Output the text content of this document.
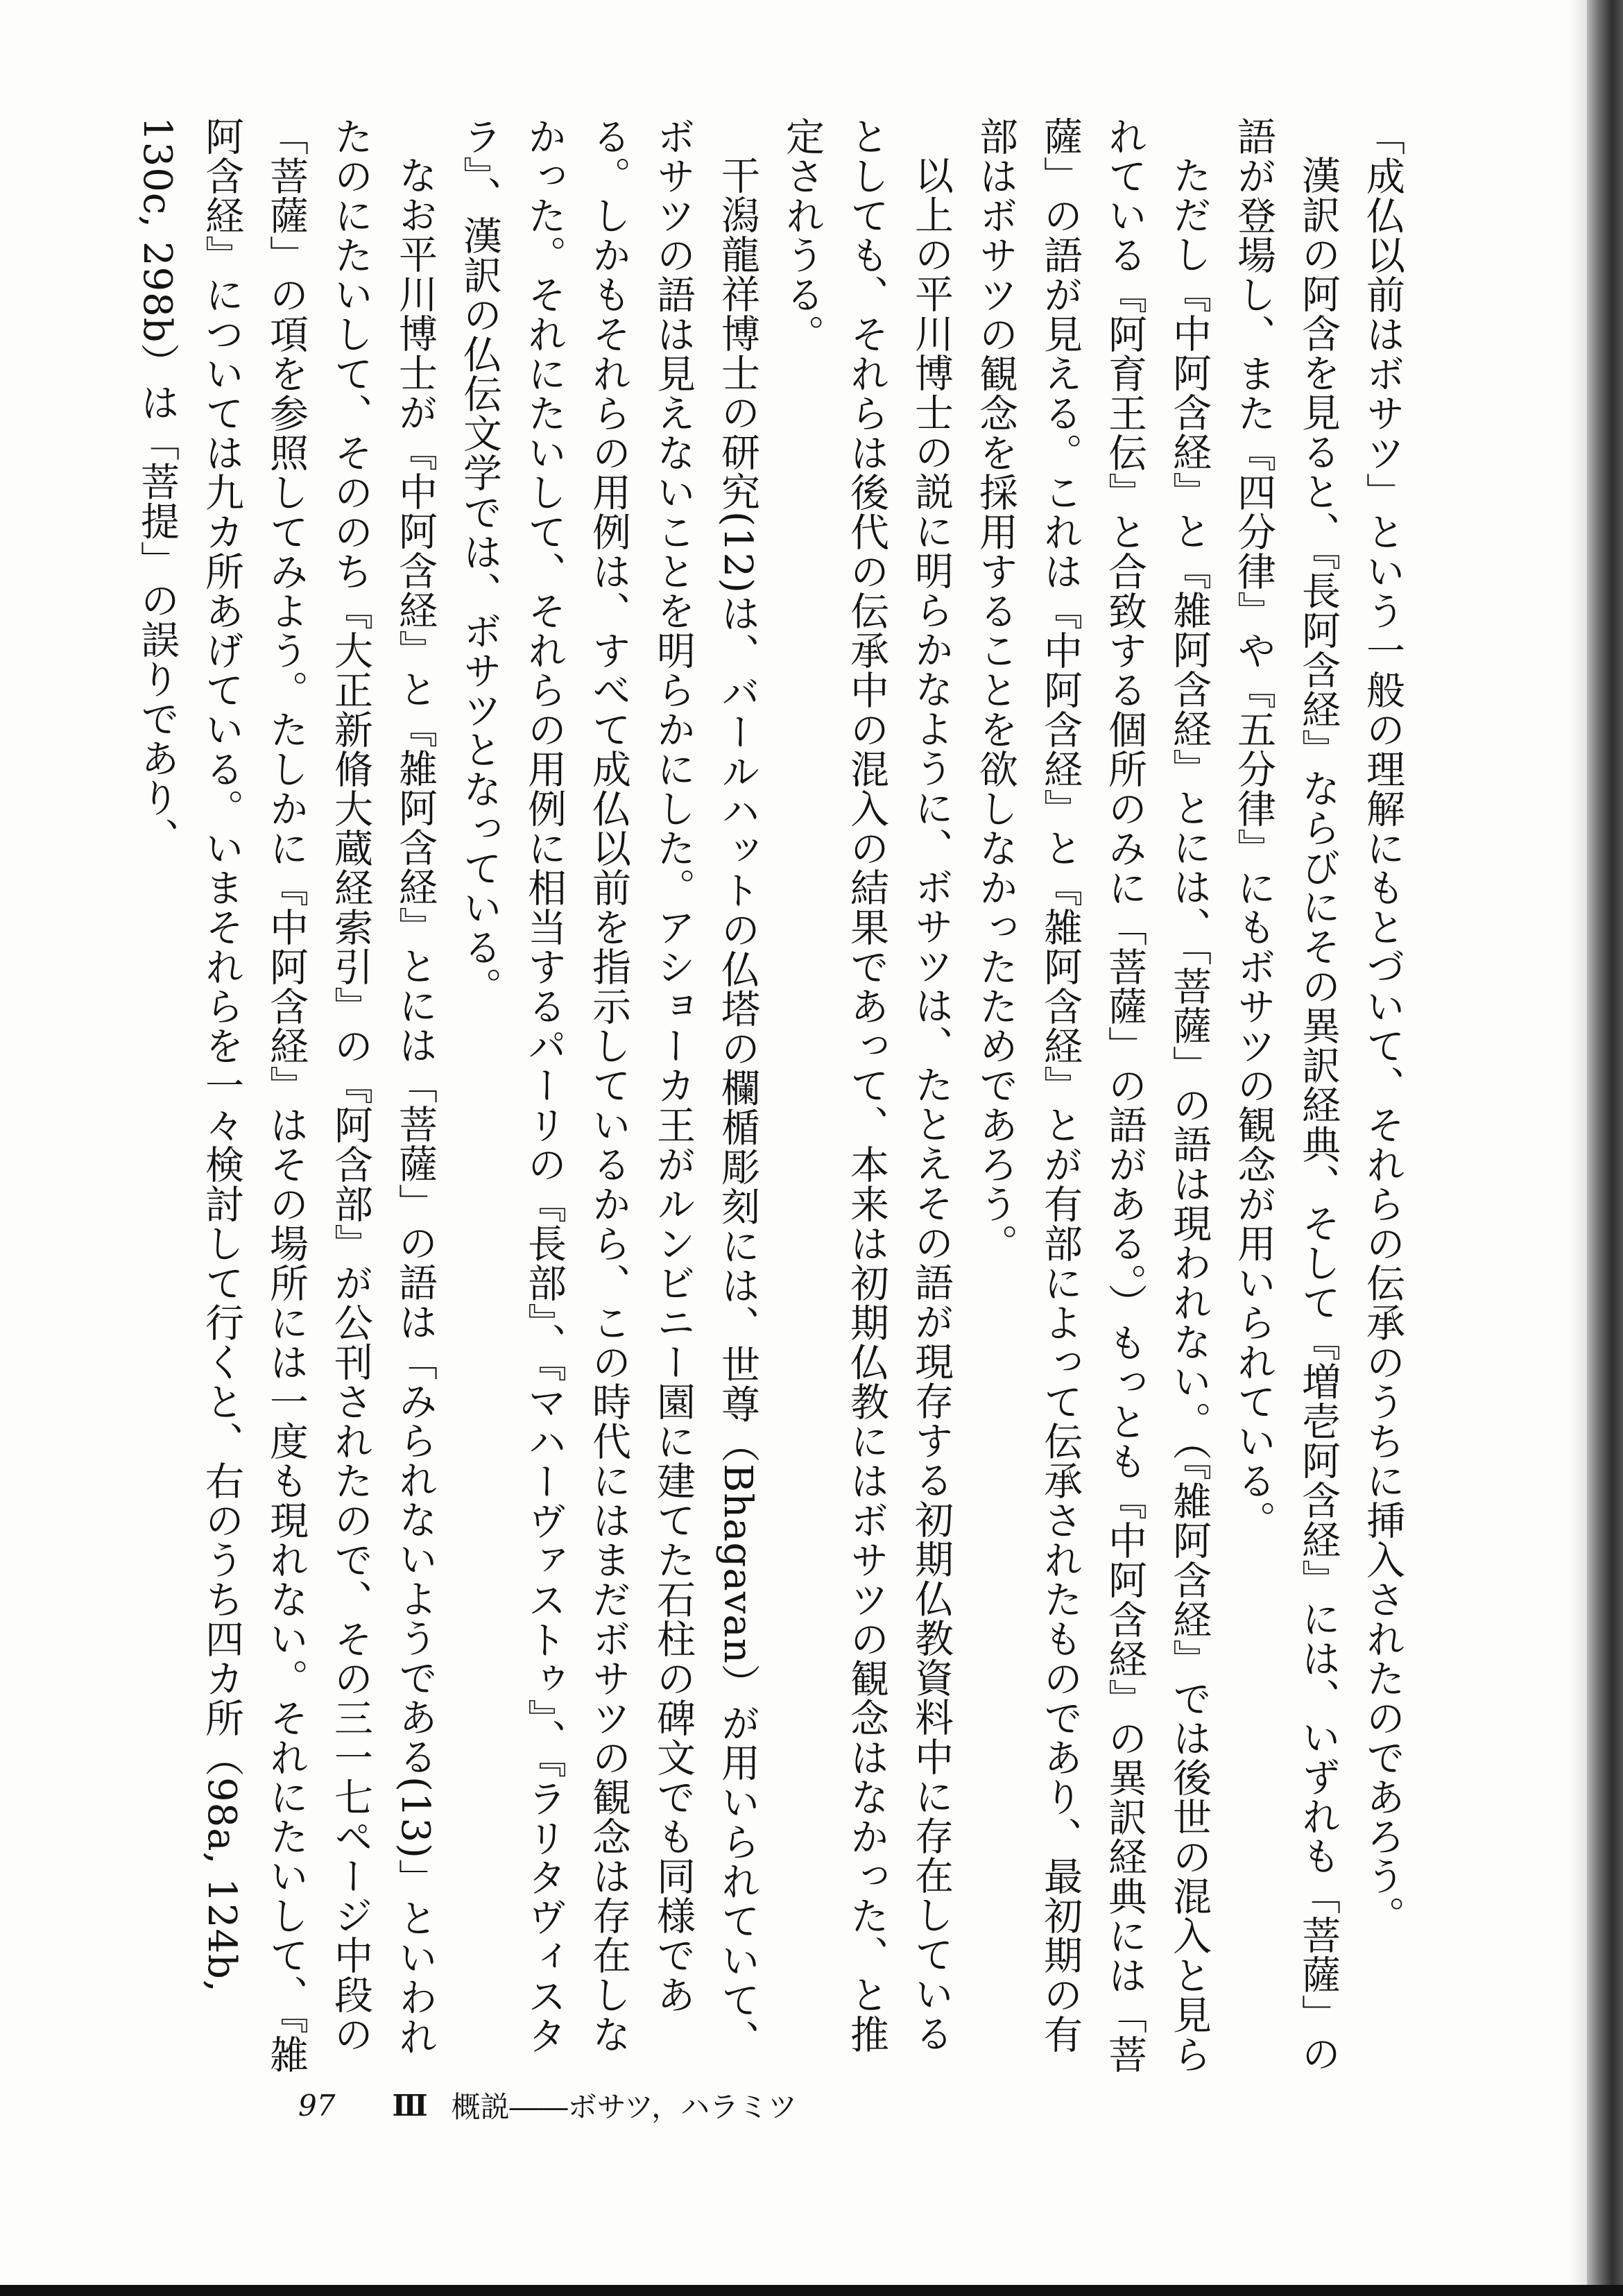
「成仏以前はボサツ」という一般の理解にもとづいて、それらの伝承のうちに挿入されたのであろう。

漢訳の阿含を見ると、『長阿含経』ならびにその異訳経典、そして『増壱阿含経』には、いずれも「菩薩」の語が登場し、また『四分律』や『五分律』にもボサツの観念が用いられている。

ただし『中阿含経』と『雑阿含経』とには、「菩薩」の語は現われない。（『雑阿含経』では後世の混入と見られている『阿育王伝』と合致する個所のみに「菩薩」の語がある。）もっとも『中阿含経』の異訳経典には「菩薩」の語が見える。これは『中阿含経』と『雑阿含経』とが有部によって伝承されたものであり、最初期の有部はボサツの観念を採用することを欲しなかったためであろう。

以上の平川博士の説に明らかなように、ボサツは、たとえその語が現存する初期仏教資料中に存在しているとしても、それらは後代の伝承中の混入の結果であって、本来は初期仏教にはボサツの観念はなかった、と推定されうる。

干潟龍祥博士の研究(12)は、バールハットの仏塔の欄楯彫刻には、世尊（Bhagavan）が用いられていて、ボサツの語は見えないことを明らかにした。アショーカ王がルンビニー園に建てた石柱の碑文でも同様である。しかもそれらの用例は、すべて成仏以前を指示しているから、この時代にはまだボサツの観念は存在しなかった。それにたいして、それらの用例に相当するパーリの『長部』、『マハーヴァストゥ』、『ラリタヴィスタラ』、漢訳の仏伝文学では、ボサツとなっている。

なお平川博士が『中阿含経』と『雑阿含経』とには「菩薩」の語は「みられないようである(13)」といわれたのにたいして、そののち『大正新脩大蔵経索引』の『阿含部』が公刊されたので、その三一七ページ中段の「菩薩」の項を参照してみよう。たしかに『中阿含経』はその場所には一度も現れない。それにたいして、『雑阿含経』については九カ所あげている。いまそれらを一々検討して行くと、右のうち四カ所（98a, 124b, 130c, 298b）は「菩提」の誤りであり、

97 Ⅲ 概説――ボサツ，ハラミツ
